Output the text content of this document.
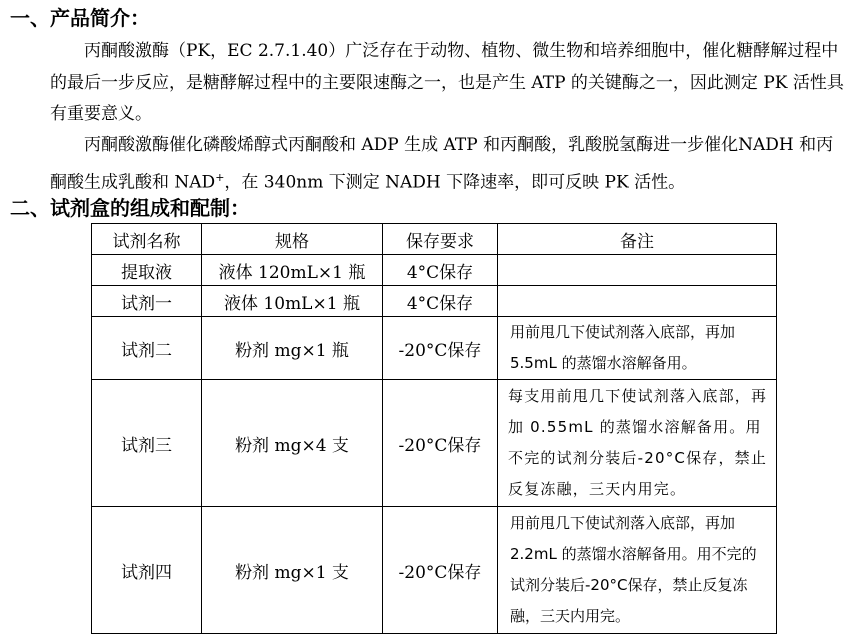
一、产品简介：
丙酮酸激酶（PK，EC 2.7.1.40）广泛存在于动物、植物、微生物和培养细胞中，催化糖酵解过程中的最后一步反应，是糖酵解过程中的主要限速酶之一，也是产生 ATP 的关键酶之一，因此测定 PK 活性具有重要意义。
丙酮酸激酶催化磷酸烯醇式丙酮酸和 ADP 生成 ATP 和丙酮酸，乳酸脱氢酶进一步催化NADH 和丙酮酸生成乳酸和 NAD+，在 340nm 下测定 NADH 下降速率，即可反映 PK 活性。
二、试剂盒的组成和配制：
试剂名称	规格	保存要求	备注
提取液	液体 120mL×1 瓶	4°C保存	
试剂一	液体 10mL×1 瓶	4°C保存	
试剂二	粉剂 mg×1 瓶	-20°C保存	用前甩几下使试剂落入底部，再加 5.5mL 的蒸馏水溶解备用。
试剂三	粉剂 mg×4 支	-20°C保存	每支用前甩几下使试剂落入底部，再加 0.55mL 的蒸馏水溶解备用。用不完的试剂分装后-20°C保存，禁止反复冻融，三天内用完。
试剂四	粉剂 mg×1 支	-20°C保存	用前甩几下使试剂落入底部，再加 2.2mL 的蒸馏水溶解备用。用不完的试剂分装后-20°C保存，禁止反复冻融，三天内用完。
